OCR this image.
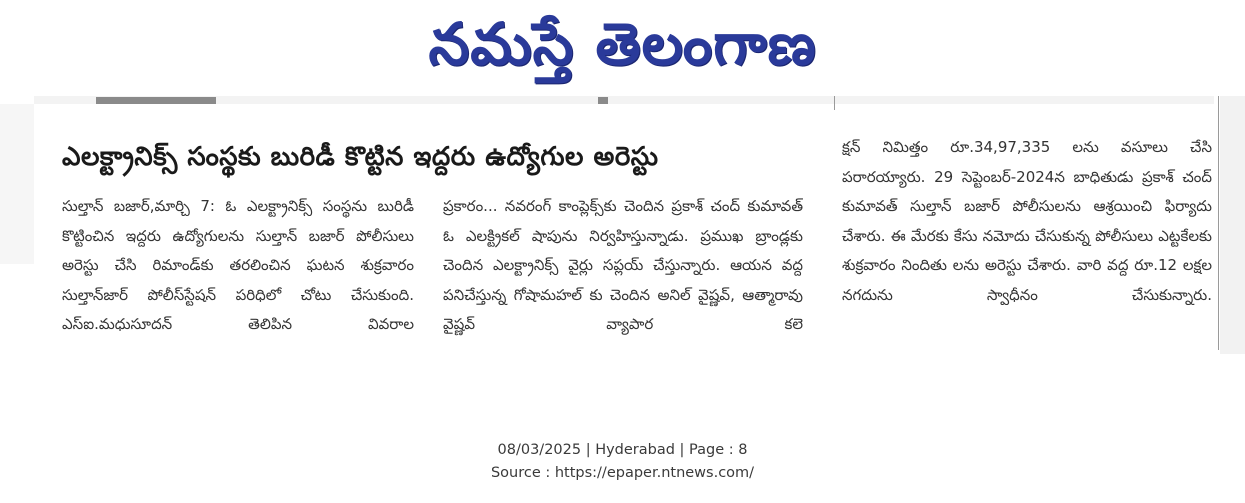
నమస్తే తెలంగాణ
ఎలక్ట్రానిక్స్ సంస్థకు బురిడీ కొట్టిన ఇద్దరు ఉద్యోగుల అరెస్టు

సుల్తాన్ బజార్,మార్చి 7: ఓ ఎలక్ట్రానిక్స్ సంస్థను బురిడీ కొట్టించిన ఇద్దరు ఉద్యోగులను సుల్తాన్ బజార్ పోలీసులు అరెస్టు చేసి రిమాండ్‌కు తరలించిన ఘటన శుక్రవారం సుల్తాన్‌జార్ పోలీస్‌స్టేషన్ పరిధిలో చోటు చేసుకుంది. ఎస్ఐ.మధుసూదన్ తెలిపిన వివరాల

ప్రకారం... నవరంగ్ కాంప్లెక్స్‌కు చెందిన ప్రకాశ్ చంద్ కుమావత్ ఓ ఎలక్ట్రికల్ షాపును నిర్వహిస్తున్నాడు. ప్రముఖ బ్రాండ్లకు చెందిన ఎలక్ట్రానిక్స్ వైర్లు సప్లయ్ చేస్తున్నారు. ఆయన వద్ద పనిచేస్తున్న గోషామహల్ కు చెందిన అనిల్ వైష్ణవ్, ఆత్మారావు వైష్ణవ్ వ్యాపార కలె

క్షన్ నిమిత్తం రూ.34,97,335 లను వసూలు చేసి పరారయ్యారు. 29 సెప్టెంబర్-2024న బాధితుడు ప్రకాశ్ చంద్ కుమావత్ సుల్తాన్ బజార్ పోలీసులను ఆశ్రయించి ఫిర్యాదు చేశారు. ఈ మేరకు కేసు నమోదు చేసుకున్న పోలీసులు ఎట్టకేలకు శుక్రవారం నిందితు లను అరెస్టు చేశారు. వారి వద్ద రూ.12 లక్షల నగదును స్వాధీనం చేసుకున్నారు.

08/03/2025 | Hyderabad | Page : 8
Source : https://epaper.ntnews.com/
